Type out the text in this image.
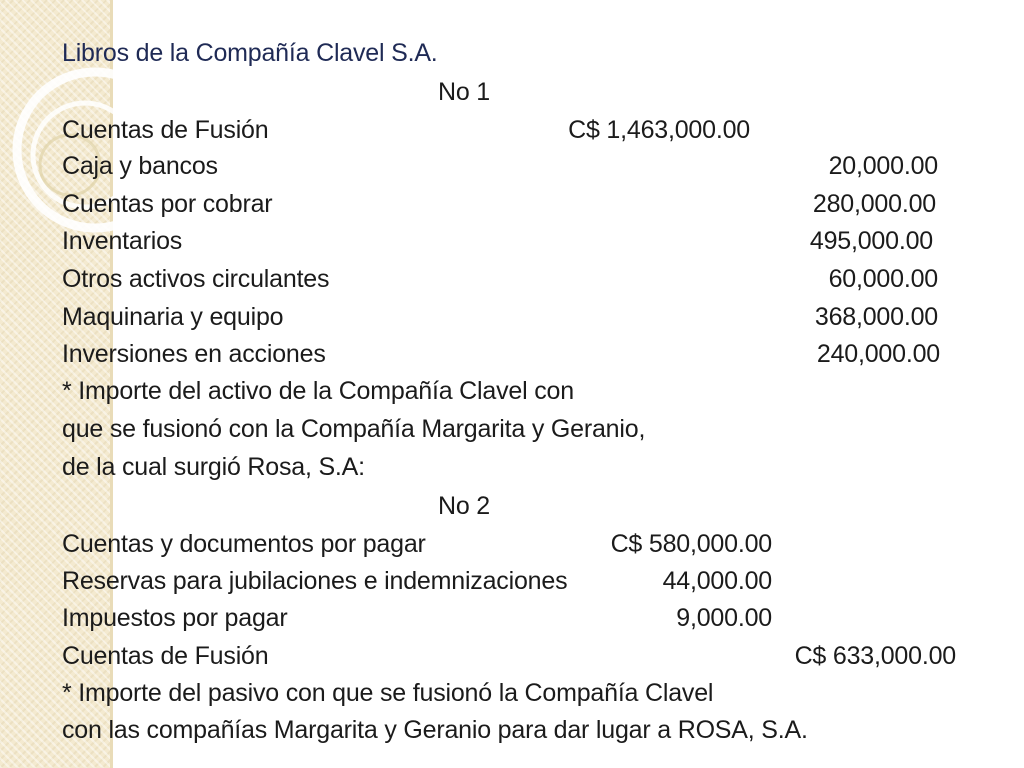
Libros de la Compañía Clavel S.A.
No 1
Cuentas de Fusión	C$ 1,463,000.00
Caja y bancos	20,000.00
Cuentas por cobrar	280,000.00
Inventarios	495,000.00
Otros activos circulantes	60,000.00
Maquinaria y equipo	368,000.00
Inversiones en acciones	240,000.00
* Importe del activo de la Compañía Clavel con
que se fusionó con la Compañía Margarita y Geranio,
de la cual surgió Rosa, S.A:
No 2
Cuentas y documentos por pagar	C$ 580,000.00
Reservas para jubilaciones e indemnizaciones	44,000.00
Impuestos por pagar	9,000.00
Cuentas de Fusión	C$ 633,000.00
* Importe del pasivo con que se fusionó la Compañía Clavel
con las compañías Margarita y Geranio para dar lugar a ROSA, S.A.
